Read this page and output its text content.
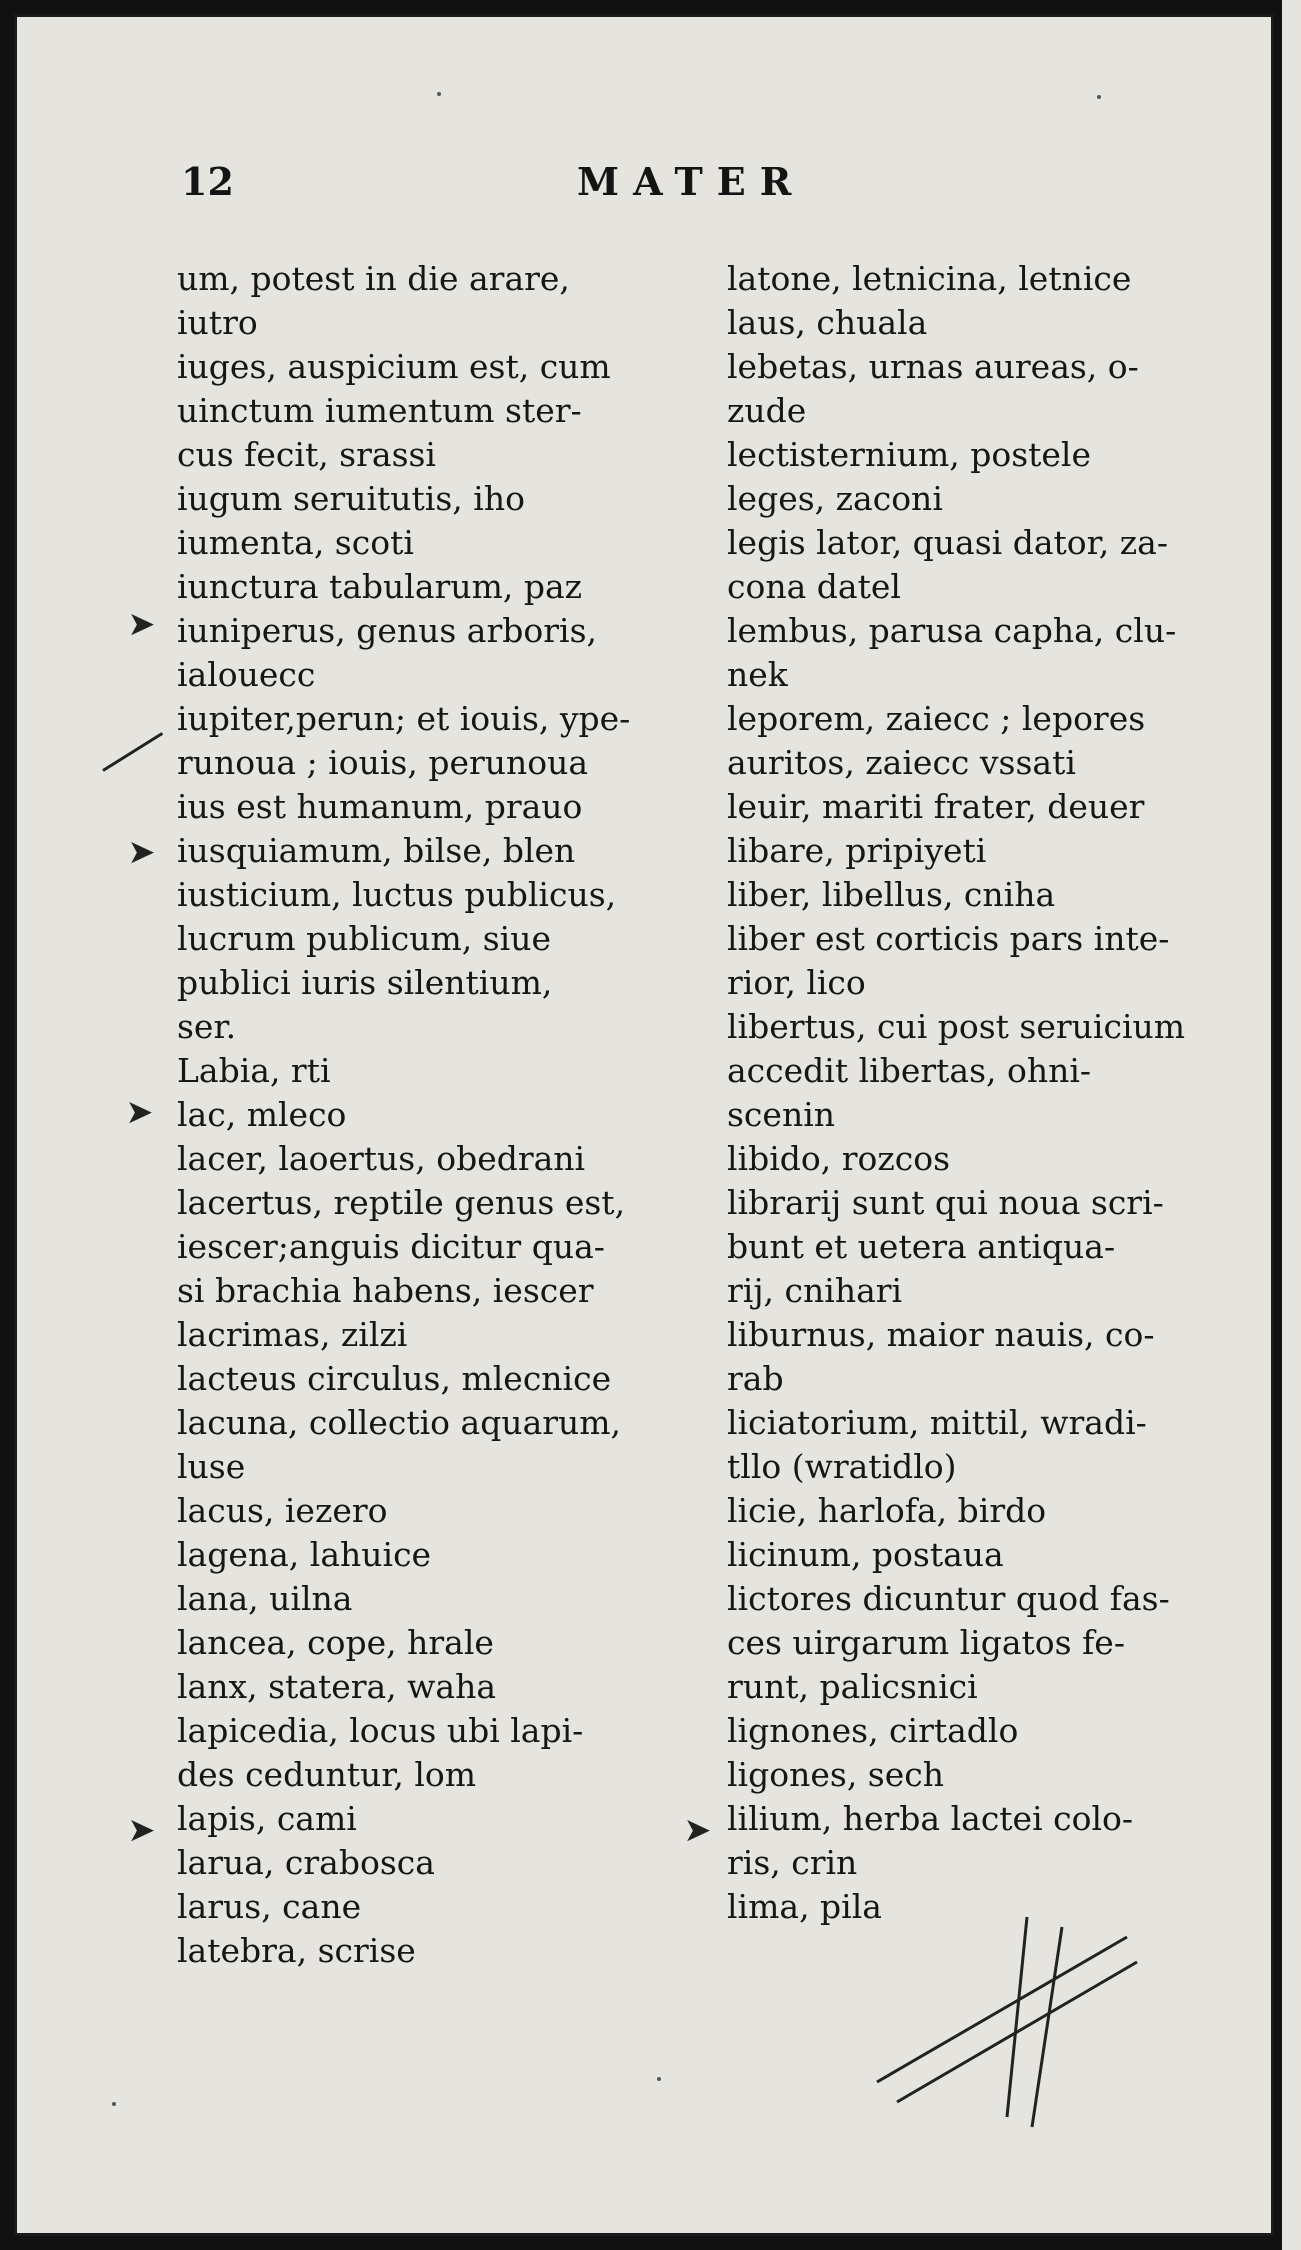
12	MATER

um, potest in die arare,
iutro

iuges, auspicium est, cum
uinctum iumentum ster-
cus fecit, srassi

iugum seruitutis, iho

iumenta, scoti

iunctura tabularum, paz

iuniperus, genus arboris,
ialouecc

iupiter,perun; et iouis, ype-
runoua ; iouis, perunoua

ius est humanum, prauo

iusquiamum, bilse, blen

iusticium, luctus publicus,
lucrum publicum, siue
publici iuris silentium,
ser.

Labia, rti

lac, mleco

lacer, laoertus, obedrani

lacertus, reptile genus est,
iescer;anguis dicitur qua-
si brachia habens, iescer

lacrimas, zilzi

lacteus circulus, mlecnice

lacuna, collectio aquarum,
luse

lacus, iezero

lagena, lahuice

lana, uilna

lancea, cope, hrale

lanx, statera, waha

lapicedia, locus ubi lapi-
des ceduntur, lom

lapis, cami

larua, crabosca

larus, cane

latebra, scrise

latone, letnicina, letnice

laus, chuala

lebetas, urnas aureas, o-
zude

lectisternium, postele

leges, zaconi

legis lator, quasi dator, za-
cona datel

lembus, parusa capha, clu-
nek

leporem, zaiecc ; lepores
auritos, zaiecc vssati

leuir, mariti frater, deuer

libare, pripiyeti

liber, libellus, cniha

liber est corticis pars inte-
rior, lico

libertus, cui post seruicium
accedit libertas, ohni-
scenin

libido, rozcos

librarij sunt qui noua scri-
bunt et uetera antiqua-
rij, cnihari

liburnus, maior nauis, co-
rab

liciatorium, mittil, wradi-
tllo (wratidlo)

licie, harlofa, birdo

licinum, postaua

lictores dicuntur quod fas-
ces uirgarum ligatos fe-
runt, palicsnici

lignones, cirtadlo

ligones, sech

lilium, herba lactei colo-
ris, crin

lima, pila

➤
➤
➤
➤	➤
